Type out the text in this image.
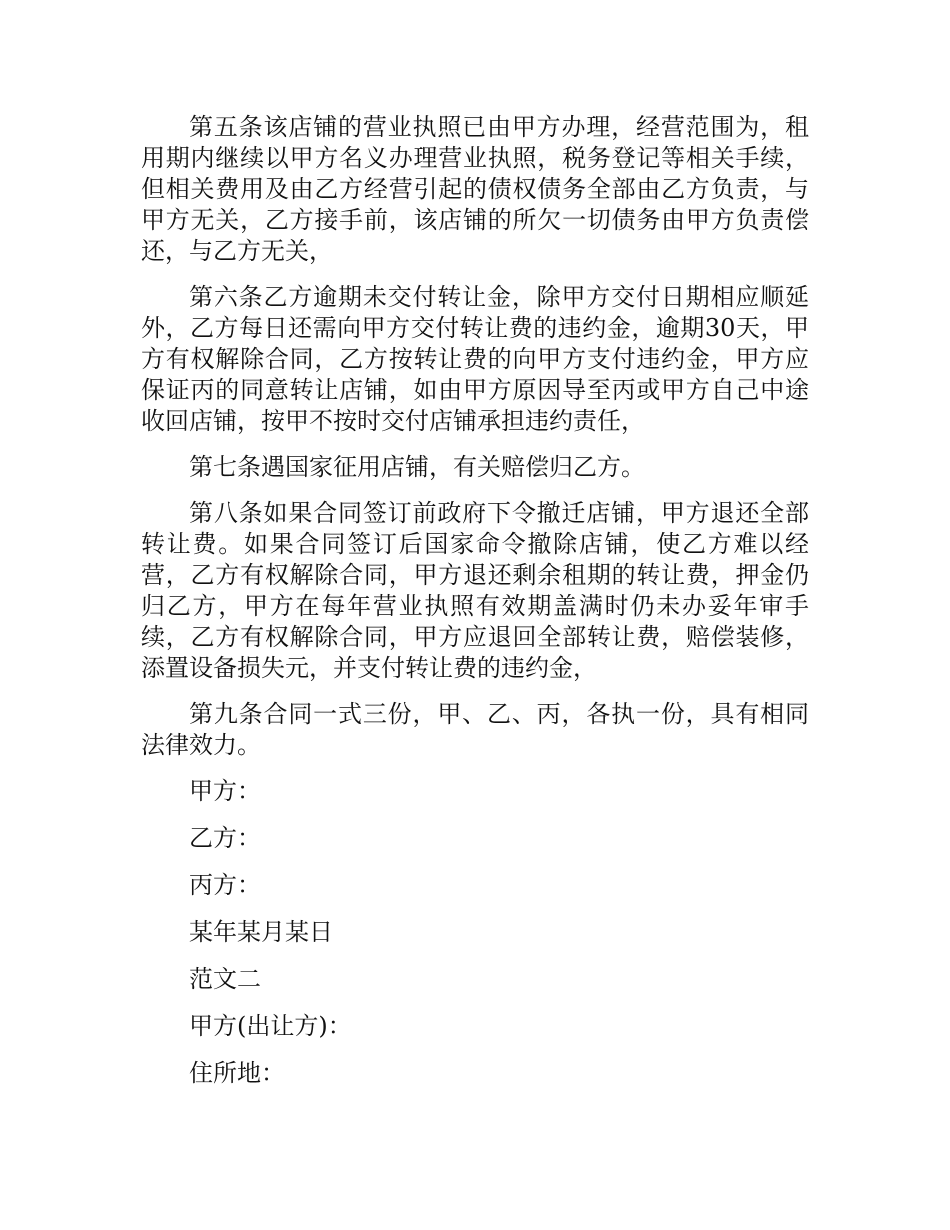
第五条该店铺的营业执照已由甲方办理，经营范围为，租用期内继续以甲方名义办理营业执照，税务登记等相关手续，但相关费用及由乙方经营引起的债权债务全部由乙方负责，与甲方无关，乙方接手前，该店铺的所欠一切债务由甲方负责偿还，与乙方无关，

第六条乙方逾期未交付转让金，除甲方交付日期相应顺延外，乙方每日还需向甲方交付转让费的违约金，逾期30天，甲方有权解除合同，乙方按转让费的向甲方支付违约金，甲方应保证丙的同意转让店铺，如由甲方原因导至丙或甲方自己中途收回店铺，按甲不按时交付店铺承担违约责任，

第七条遇国家征用店铺，有关赔偿归乙方。

第八条如果合同签订前政府下令撤迁店铺，甲方退还全部转让费。如果合同签订后国家命令撤除店铺，使乙方难以经营，乙方有权解除合同，甲方退还剩余租期的转让费，押金仍归乙方，甲方在每年营业执照有效期盖满时仍未办妥年审手续，乙方有权解除合同，甲方应退回全部转让费，赔偿装修，添置设备损失元，并支付转让费的违约金，

第九条合同一式三份，甲、乙、丙，各执一份，具有相同法律效力。

甲方：

乙方：

丙方：

某年某月某日

范文二

甲方(出让方)：

住所地：
